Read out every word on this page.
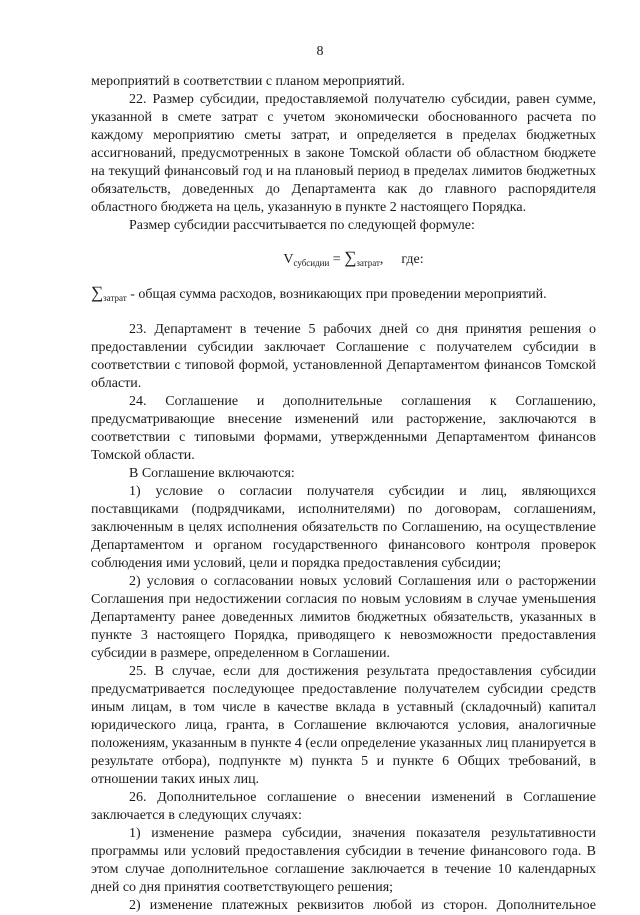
8

мероприятий в соответствии с планом мероприятий.

22. Размер субсидии, предоставляемой получателю субсидии, равен сумме, указанной в смете затрат с учетом экономически обоснованного расчета по каждому мероприятию сметы затрат, и определяется в пределах бюджетных ассигнований, предусмотренных в законе Томской области об областном бюджете на текущий финансовый год и на плановый период в пределах лимитов бюджетных обязательств, доведенных до Департамента как до главного распорядителя областного бюджета на цель, указанную в пункте 2 настоящего Порядка.

Размер субсидии рассчитывается по следующей формуле:

$V_{субсидии} = \sum_{затрат}$, где:
$\sum_{затрат}$ - общая сумма расходов, возникающих при проведении мероприятий.

23. Департамент в течение 5 рабочих дней со дня принятия решения о предоставлении субсидии заключает Соглашение с получателем субсидии в соответствии с типовой формой, установленной Департаментом финансов Томской области.

24. Соглашение и дополнительные соглашения к Соглашению, предусматривающие внесение изменений или расторжение, заключаются в соответствии с типовыми формами, утвержденными Департаментом финансов Томской области.

В Соглашение включаются:

1) условие о согласии получателя субсидии и лиц, являющихся поставщиками (подрядчиками, исполнителями) по договорам, соглашениям, заключенным в целях исполнения обязательств по Соглашению, на осуществление Департаментом и органом государственного финансового контроля проверок соблюдения ими условий, цели и порядка предоставления субсидии;

2) условия о согласовании новых условий Соглашения или о расторжении Соглашения при недостижении согласия по новым условиям в случае уменьшения Департаменту ранее доведенных лимитов бюджетных обязательств, указанных в пункте 3 настоящего Порядка, приводящего к невозможности предоставления субсидии в размере, определенном в Соглашении.

25. В случае, если для достижения результата предоставления субсидии предусматривается последующее предоставление получателем субсидии средств иным лицам, в том числе в качестве вклада в уставный (складочный) капитал юридического лица, гранта, в Соглашение включаются условия, аналогичные положениям, указанным в пункте 4 (если определение указанных лиц планируется в результате отбора), подпункте м) пункта 5 и пункте 6 Общих требований, в отношении таких иных лиц.

26. Дополнительное соглашение о внесении изменений в Соглашение заключается в следующих случаях:

1) изменение размера субсидии, значения показателя результативности программы или условий предоставления субсидии в течение финансового года. В этом случае дополнительное соглашение заключается в течение 10 календарных дней со дня принятия соответствующего решения;

2) изменение платежных реквизитов любой из сторон. Дополнительное
